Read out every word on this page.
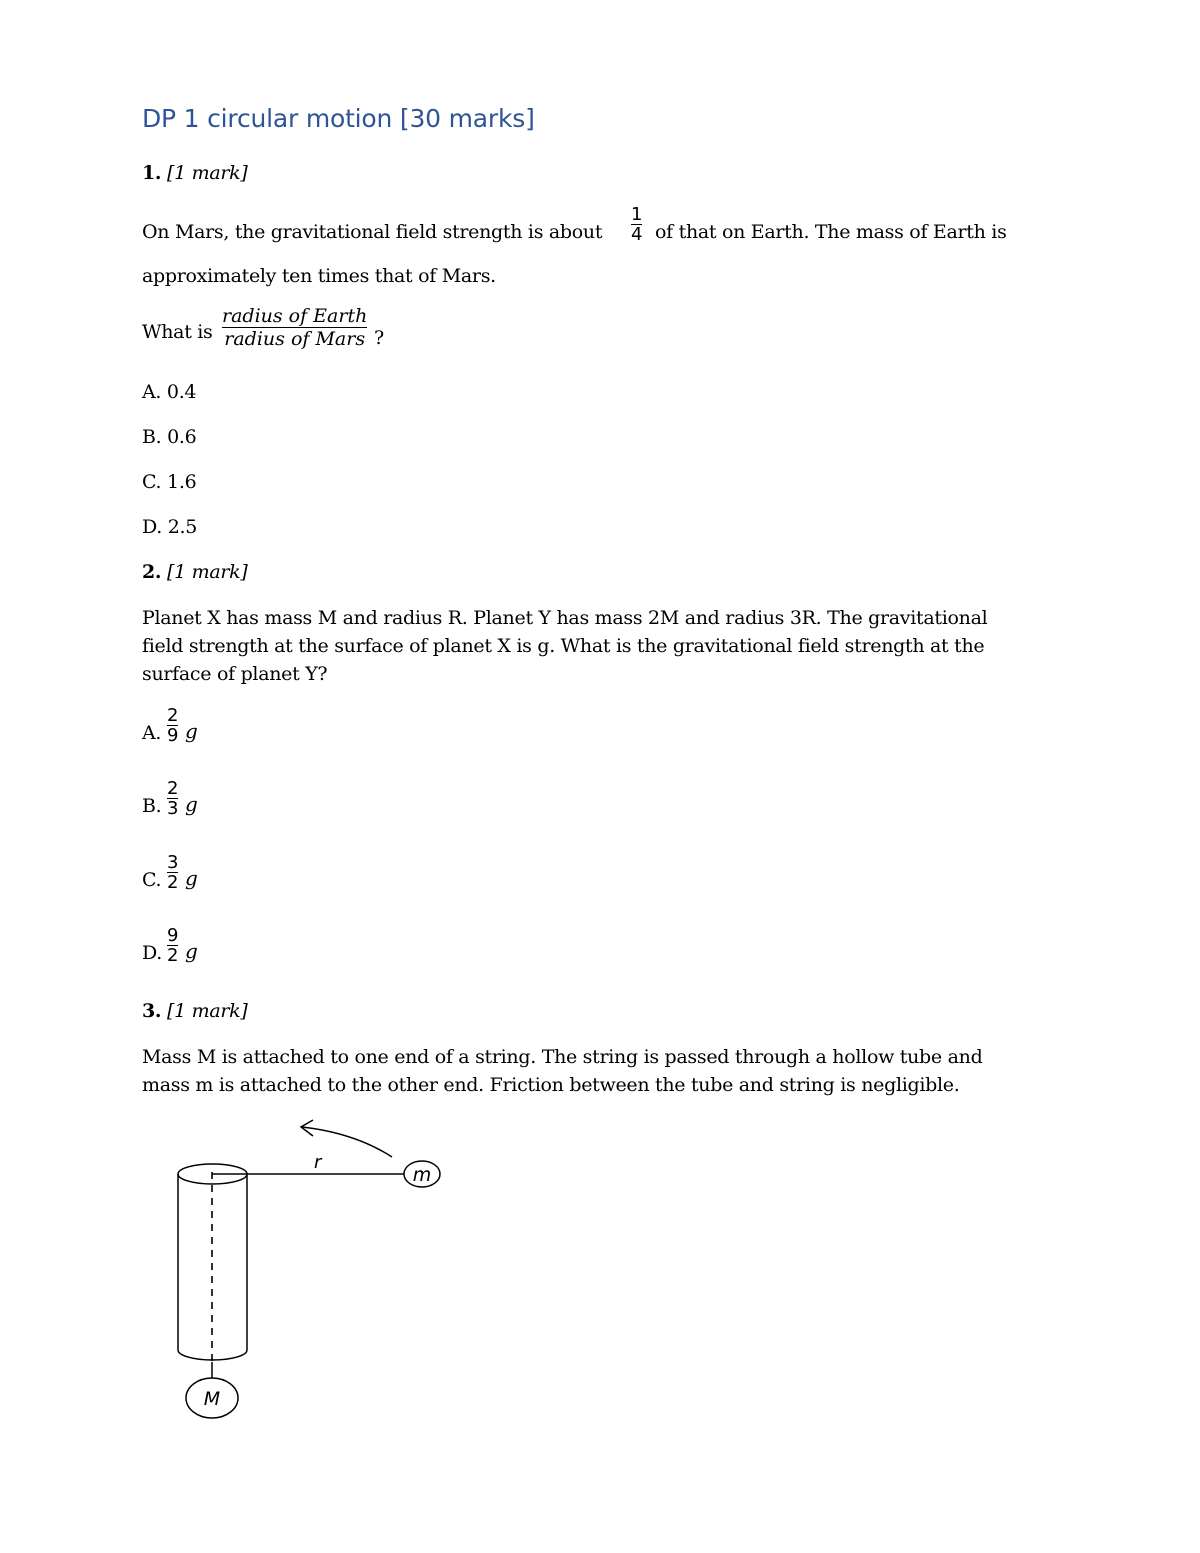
DP 1 circular motion [30 marks]
1. [1 mark]
On Mars, the gravitational field strength is about
1
4 of that on Earth. The mass of Earth is
approximately ten times that of Mars.
What is
radius of Earth
radius of Mars ?
A. 0.4
B. 0.6
C. 1.6
D. 2.5
2. [1 mark]
Planet X has mass M and radius R. Planet Y has mass 2M and radius 3R. The gravitational
field strength at the surface of planet X is g. What is the gravitational field strength at the
surface of planet Y?
A.
2
9 g
B.
2
3 g
C.
3
2 g
D.
9
2 g
3. [1 mark]
Mass M is attached to one end of a string. The string is passed through a hollow tube and
mass m is attached to the other end. Friction between the tube and string is negligible.
r
m
M
